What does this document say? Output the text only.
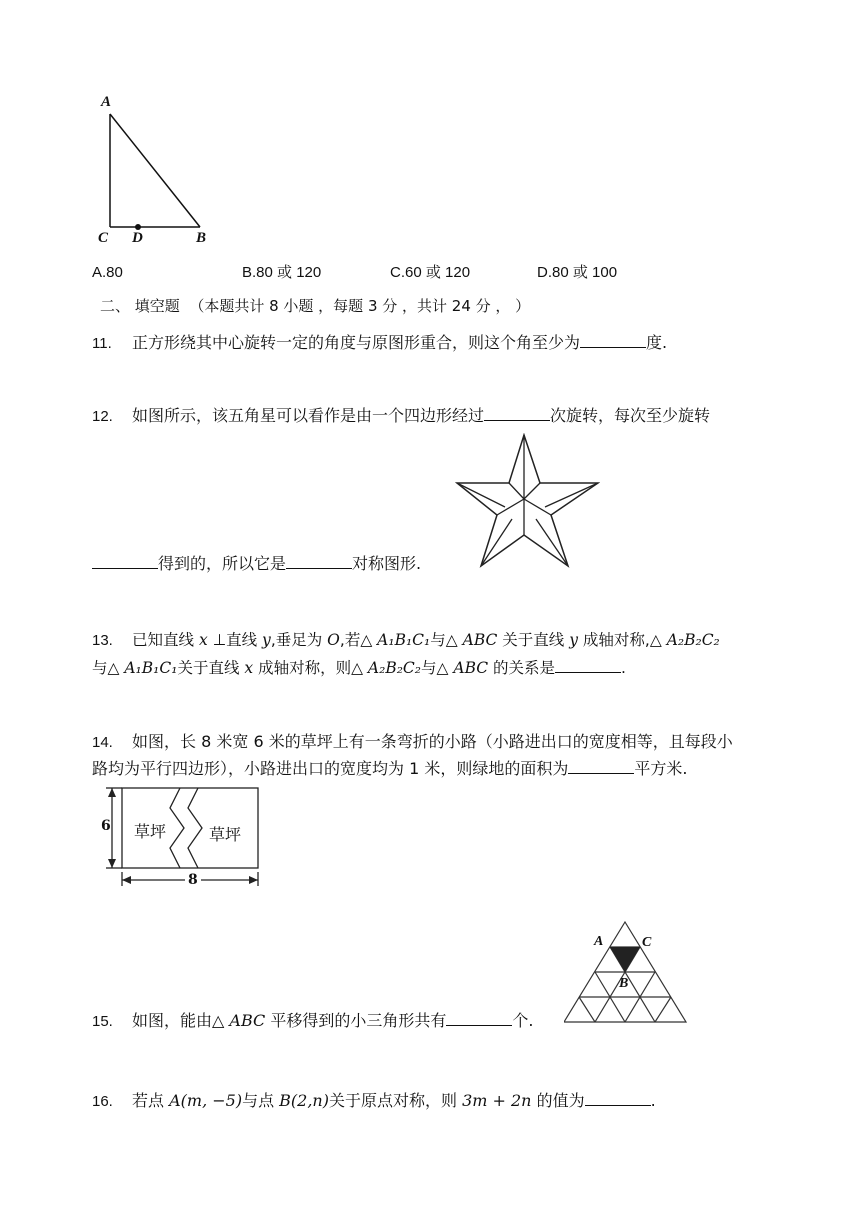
A
C D	B
A.80	B.80 或 120	C.60 或 120	D.80 或 100
二、 填空题 （本题共计 8 小题 ，每题 3 分 ，共计 24 分 ， ）
11. 正方形绕其中心旋转一定的角度与原图形重合，则这个角至少为	度.
12. 如图所示，该五角星可以看作是由一个四边形经过	次旋转，每次至少旋转
得到的，所以它是	对称图形.
13. 已知直线 x ⊥直线 y,垂足为 O,若△ A₁B₁C₁与△ ABC 关于直线 y 成轴对称,△ A₂B₂C₂
与△ A₁B₁C₁关于直线 x 成轴对称，则△ A₂B₂C₂与△ ABC 的关系是	.
14. 如图，长 8 米宽 6 米的草坪上有一条弯折的小路（小路进出口的宽度相等，且每段小
路均为平行四边形），小路进出口的宽度均为 1 米，则绿地的面积为	平方米.
草坪	草坪
6
8
A	C
B
15. 如图，能由△ ABC 平移得到的小三角形共有	个.
16. 若点 A(m, −5)与点 B(2,n)关于原点对称，则 3m + 2n 的值为	.
